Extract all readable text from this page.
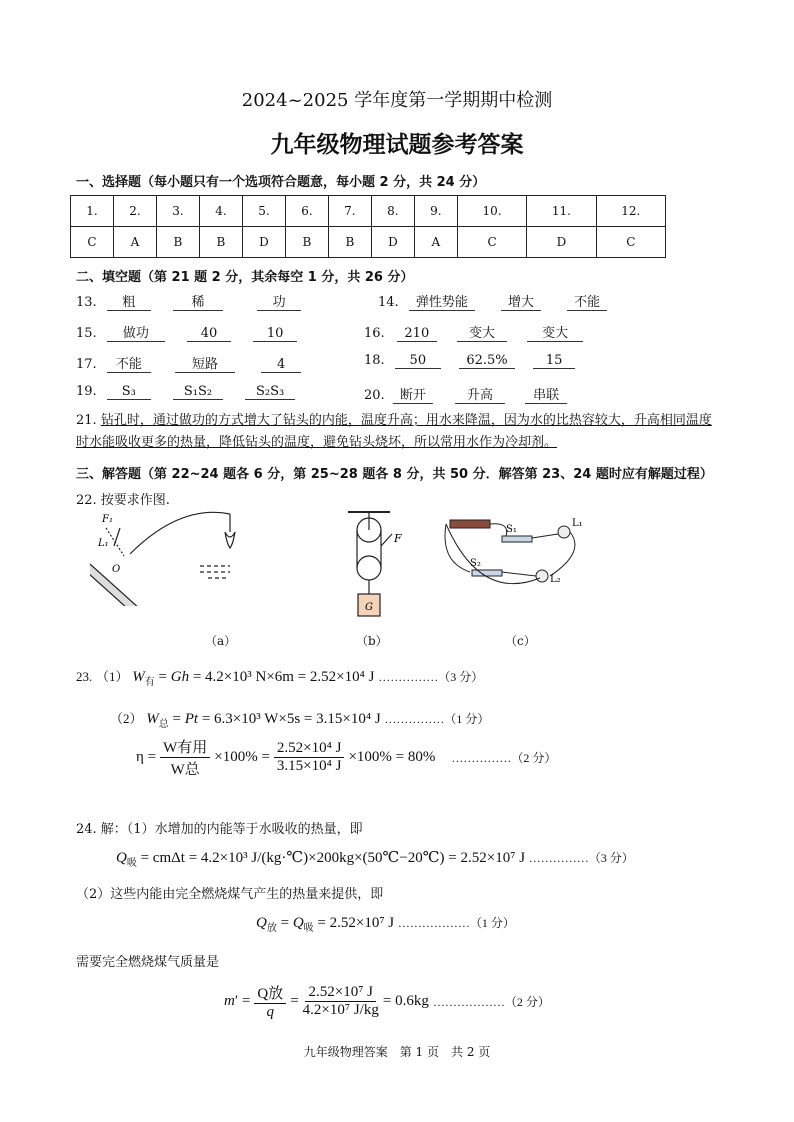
2024~2025 学年度第一学期期中检测
九年级物理试题参考答案
一、选择题（每小题只有一个选项符合题意，每小题 2 分，共 24 分）
1.	2.	3.	4.	5.	6.	7.	8.	9.	10.	11.	12.
C	A	B	B	D	B	B	D	A	C	D	C
二、填空题（第 21 题 2 分，其余每空 1 分，共 26 分）
13. 粗	稀	功	14. 弹性势能	增大	不能
15. 做功	40	10	16. 210	变大	变大
17. 不能	短路	4	18. 50	62.5%	15
19. S₃	S₁S₂	S₂S₃	20. 断开	升高	串联
21. 钻孔时，通过做功的方式增大了钻头的内能，温度升高；用水来降温，因为水的比热容较大，升高相同温度时水能吸收更多的热量，降低钻头的温度，避免钻头烧坏，所以常用水作为冷却剂。
三、解答题（第 22~24 题各 6 分，第 25~28 题各 8 分，共 50 分．解答第 23、24 题时应有解题过程）
22. 按要求作图.
F₁
L₁
O
F
G
S₁
L₁
S₂
L₂
（a）	（b）	（c）
23. （1） $W_有 = Gh = 4.2\times 10^3$ N×6m = 2.52×10⁴ J ……………（3 分）
（2） $W_总 = Pt = 6.3\times 10^3$ W×5s = 3.15×10⁴ J ……………（1 分）
$\eta = \frac{\text{W有用}}{\text{W总}} \times 100\% = \frac{\text{2.52×10⁴ J}}{\text{3.15×10⁴ J}} \times 100\% = 80\%$ ……………（2 分）
24. 解：（1）水增加的内能等于水吸收的热量，即
$Q_吸 = cm\Delta t = 4.2\times 10^3$ J/(kg·℃)×200kg×(50℃−20℃) = 2.52×10⁷ J ……………（3 分）
（2）这些内能由完全燃烧煤气产生的热量来提供，即
$Q_放 = Q_吸 = 2.52\times 10^7$ J ………………（1 分）
需要完全燃烧煤气质量是
$m' = \frac{\text{Q放}}{q} = \frac{\text{2.52×10⁷ J}}{\text{4.2×10⁷ J/kg}} = 0.6kg$ ………………（2 分）
九年级物理答案　第 1 页　共 2 页
